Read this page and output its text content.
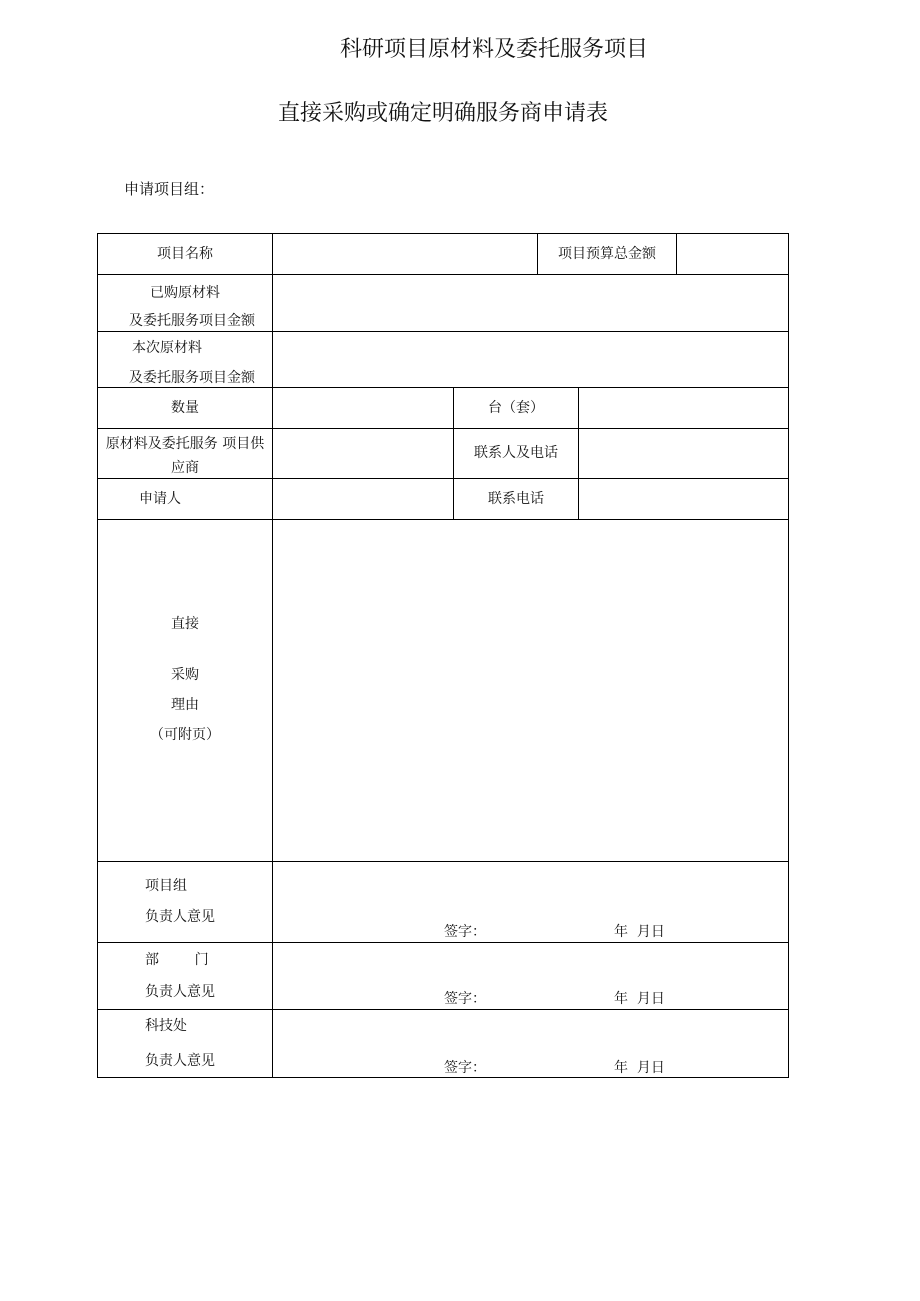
科研项目原材料及委托服务项目
直接采购或确定明确服务商申请表
申请项目组：
项目名称	项目预算总金额
已购原材料
及委托服务项目金额
本次原材料
及委托服务项目金额
数量	台（套）
原材料及委托服务 项目供
应商
联系人及电话
申请人	联系电话
直接
采购
理由
（可附页）
项目组
负责人意见
签字：	年  月日
部        门
负责人意见	签字：	年  月日
科技处
负责人意见	签字：	年  月日
